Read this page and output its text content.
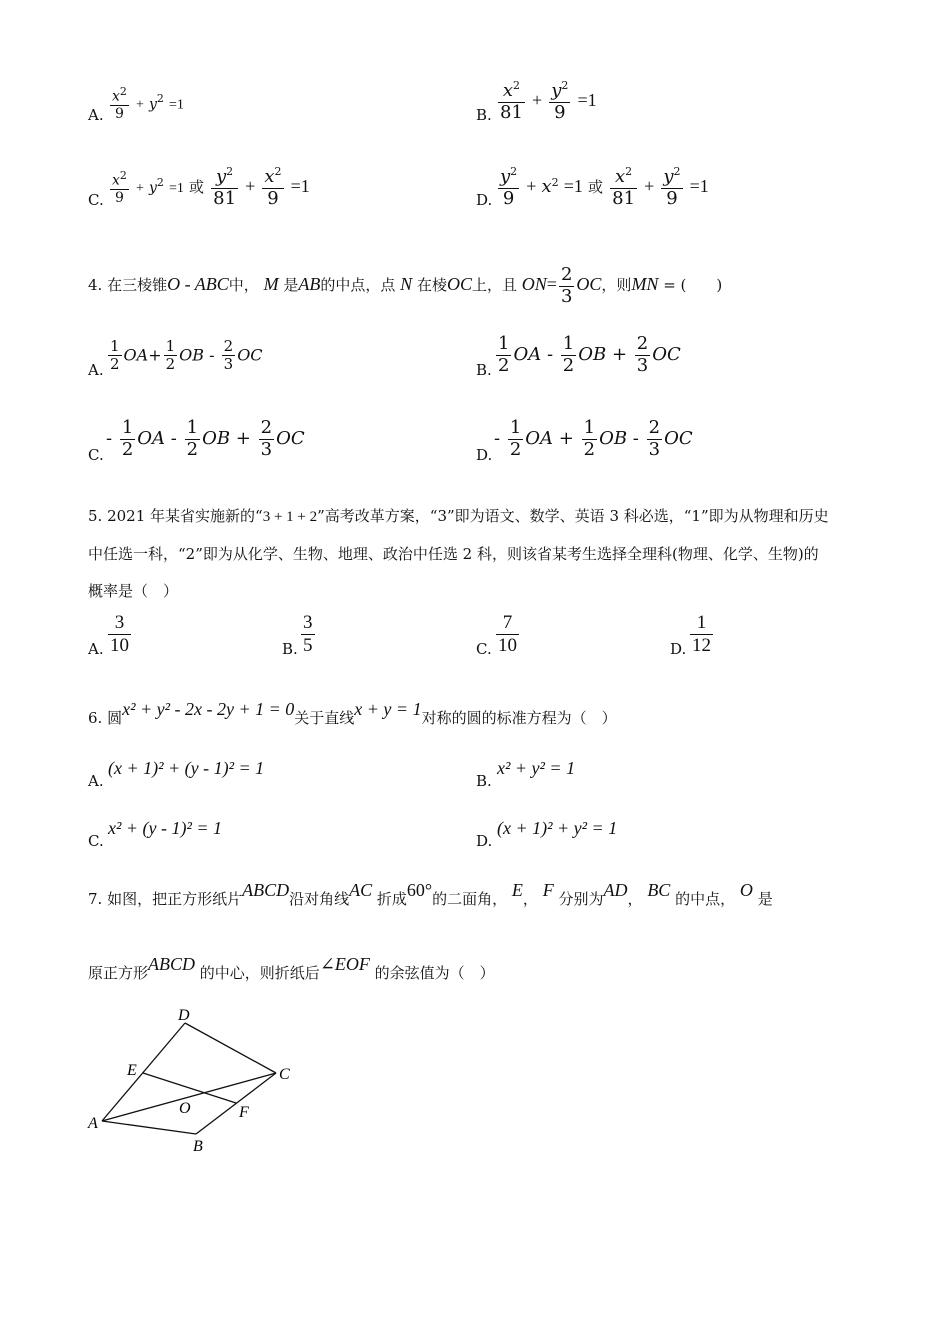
A. $\frac{x^2}{9} + y^2 =1$
B. $\frac{x^2}{81} + \frac{y^2}{9} =1$
C. $\frac{x^2}{9} + y^2 =1$ 或 $\frac{y^2}{81} + \frac{x^2}{9} =1$
D. $\frac{y^2}{9} + x^2 =1$ 或 $\frac{x^2}{81} + \frac{y^2}{9} =1$
4. 在三棱锥O - ABC中， M 是AB的中点，点 N 在棱OC上，且 $ON= \frac{2}{3}$ OC，则MN = (　　)
A. $\frac{1}{2} OA+ \frac{1}{2}$ OB - $\frac{2}{3}$ OC
B. $\frac{1}{2}$ OA - $\frac{1}{2}$ OB + $\frac{2}{3}$ OC
C.
- $\frac{1}{2}$ OA - $\frac{1}{2}$ OB + $\frac{2}{3}$ OC
D.
- $\frac{1}{2}$ OA + $\frac{1}{2}$ OB - $\frac{2}{3}$ OC
5. 2021 年某省实施新的“3 + 1 + 2”高考改革方案，“3”即为语文、数学、英语 3 科必选，“1”即为从物理和历史
中任选一科，“2”即为从化学、生物、地理、政治中任选 2 科，则该省某考生选择全理科(物理、化学、生物)的
概率是（　）
A. $\frac{3}{10}$	B. $\frac{3}{5}$	C. $\frac{7}{10}$	D. $\frac{1}{12}$
6. 圆x² + y² - 2x - 2y + 1 = 0关于直线x + y = 1对称的圆的标准方程为（　）
A.
(x + 1)² + (y - 1)² = 1
B.
x² + y² = 1
C.
x² + (y - 1)² = 1
D.
(x + 1)² + y² = 1
7. 如图，把正方形纸片ABCD沿对角线AC 折成60°的二面角， E， F 分别为AD， BC 的中点， O 是
原正方形ABCD 的中心，则折纸后∠EOF 的余弦值为（　）
D
E	C
O	F
A
B
